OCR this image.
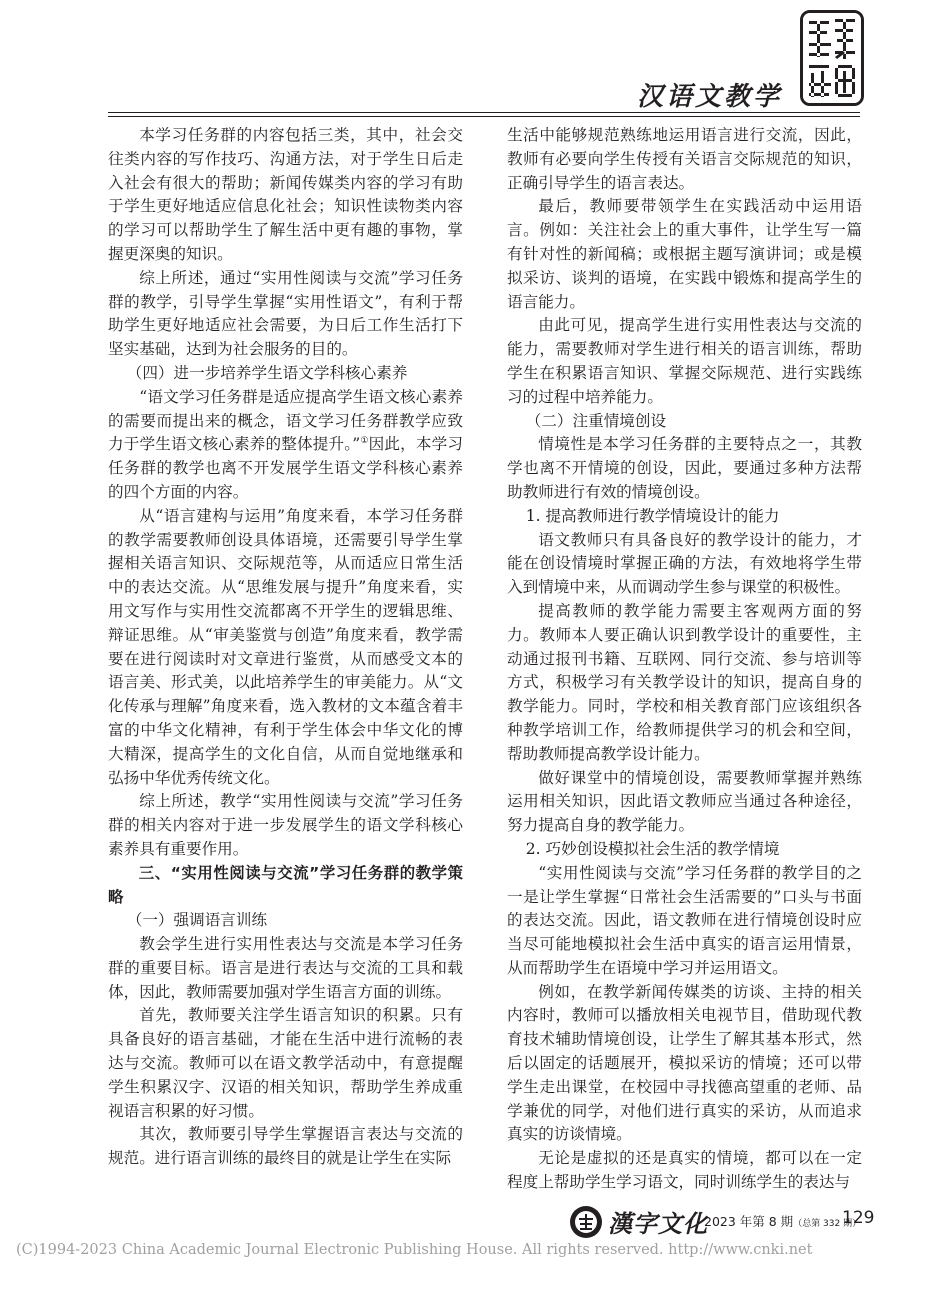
汉语文教学

本学习任务群的内容包括三类，其中，社会交往类内容的写作技巧、沟通方法，对于学生日后走入社会有很大的帮助；新闻传媒类内容的学习有助于学生更好地适应信息化社会；知识性读物类内容的学习可以帮助学生了解生活中更有趣的事物，掌握更深奥的知识。

综上所述，通过“实用性阅读与交流”学习任务群的教学，引导学生掌握“实用性语文”，有利于帮助学生更好地适应社会需要，为日后工作生活打下坚实基础，达到为社会服务的目的。

（四）进一步培养学生语文学科核心素养

“语文学习任务群是适应提高学生语文核心素养的需要而提出来的概念，语文学习任务群教学应致力于学生语文核心素养的整体提升。”①因此，本学习任务群的教学也离不开发展学生语文学科核心素养的四个方面的内容。

从“语言建构与运用”角度来看，本学习任务群的教学需要教师创设具体语境，还需要引导学生掌握相关语言知识、交际规范等，从而适应日常生活中的表达交流。从“思维发展与提升”角度来看，实用文写作与实用性交流都离不开学生的逻辑思维、辩证思维。从“审美鉴赏与创造”角度来看，教学需要在进行阅读时对文章进行鉴赏，从而感受文本的语言美、形式美，以此培养学生的审美能力。从“文化传承与理解”角度来看，选入教材的文本蕴含着丰富的中华文化精神，有利于学生体会中华文化的博大精深，提高学生的文化自信，从而自觉地继承和弘扬中华优秀传统文化。

综上所述，教学“实用性阅读与交流”学习任务群的相关内容对于进一步发展学生的语文学科核心素养具有重要作用。

三、“实用性阅读与交流”学习任务群的教学策略

（一）强调语言训练

教会学生进行实用性表达与交流是本学习任务群的重要目标。语言是进行表达与交流的工具和载体，因此，教师需要加强对学生语言方面的训练。

首先，教师要关注学生语言知识的积累。只有具备良好的语言基础，才能在生活中进行流畅的表达与交流。教师可以在语文教学活动中，有意提醒学生积累汉字、汉语的相关知识，帮助学生养成重视语言积累的好习惯。

其次，教师要引导学生掌握语言表达与交流的规范。进行语言训练的最终目的就是让学生在实际

生活中能够规范熟练地运用语言进行交流，因此，教师有必要向学生传授有关语言交际规范的知识，正确引导学生的语言表达。

最后，教师要带领学生在实践活动中运用语言。例如：关注社会上的重大事件，让学生写一篇有针对性的新闻稿；或根据主题写演讲词；或是模拟采访、谈判的语境，在实践中锻炼和提高学生的语言能力。

由此可见，提高学生进行实用性表达与交流的能力，需要教师对学生进行相关的语言训练，帮助学生在积累语言知识、掌握交际规范、进行实践练习的过程中培养能力。

（二）注重情境创设

情境性是本学习任务群的主要特点之一，其教学也离不开情境的创设，因此，要通过多种方法帮助教师进行有效的情境创设。

1. 提高教师进行教学情境设计的能力

语文教师只有具备良好的教学设计的能力，才能在创设情境时掌握正确的方法，有效地将学生带入到情境中来，从而调动学生参与课堂的积极性。

提高教师的教学能力需要主客观两方面的努力。教师本人要正确认识到教学设计的重要性，主动通过报刊书籍、互联网、同行交流、参与培训等方式，积极学习有关教学设计的知识，提高自身的教学能力。同时，学校和相关教育部门应该组织各种教学培训工作，给教师提供学习的机会和空间，帮助教师提高教学设计能力。

做好课堂中的情境创设，需要教师掌握并熟练运用相关知识，因此语文教师应当通过各种途径，努力提高自身的教学能力。

2. 巧妙创设模拟社会生活的教学情境

“实用性阅读与交流”学习任务群的教学目的之一是让学生掌握“日常社会生活需要的”口头与书面的表达交流。因此，语文教师在进行情境创设时应当尽可能地模拟社会生活中真实的语言运用情景，从而帮助学生在语境中学习并运用语文。

例如，在教学新闻传媒类的访谈、主持的相关内容时，教师可以播放相关电视节目，借助现代教育技术辅助情境创设，让学生了解其基本形式，然后以固定的话题展开，模拟采访的情境；还可以带学生走出课堂，在校园中寻找德高望重的老师、品学兼优的同学，对他们进行真实的采访，从而追求真实的访谈情境。

无论是虚拟的还是真实的情境，都可以在一定程度上帮助学生学习语文，同时训练学生的表达与

漢字文化
2023 年第 8 期（总第 332 期）
129
(C)1994-2023 China Academic Journal Electronic Publishing House. All rights reserved. http://www.cnki.net
